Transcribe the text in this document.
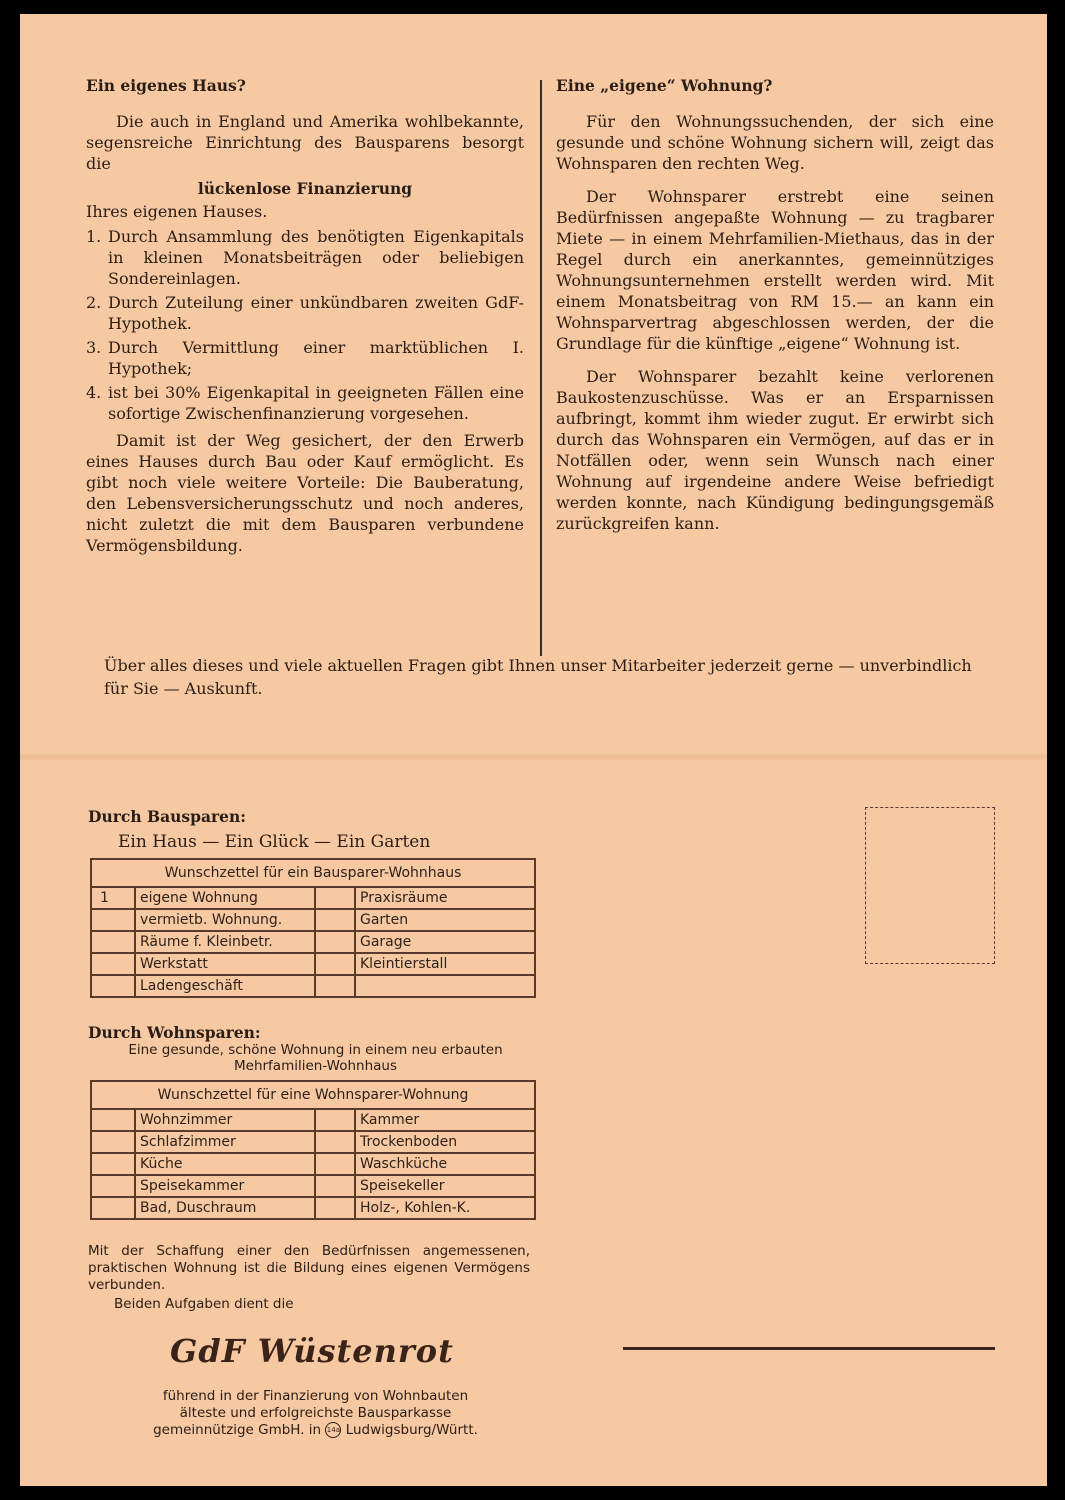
Ein eigenes Haus?

Die auch in England und Amerika wohlbekannte, segensreiche Einrichtung des Bausparens besorgt die

lückenlose Finanzierung

Ihres eigenen Hauses.

1. Durch Ansammlung des benötigten Eigenkapitals in kleinen Monatsbeiträgen oder beliebigen Sondereinlagen.
2. Durch Zuteilung einer unkündbaren zweiten GdF-Hypothek.
3. Durch Vermittlung einer marktüblichen I. Hypothek;
4. ist bei 30% Eigenkapital in geeigneten Fällen eine sofortige Zwischenfinanzierung vorgesehen.

Damit ist der Weg gesichert, der den Erwerb eines Hauses durch Bau oder Kauf ermöglicht. Es gibt noch viele weitere Vorteile: Die Bauberatung, den Lebensversicherungsschutz und noch anderes, nicht zuletzt die mit dem Bausparen verbundene Vermögensbildung.

Eine „eigene“ Wohnung?

Für den Wohnungssuchenden, der sich eine gesunde und schöne Wohnung sichern will, zeigt das Wohnsparen den rechten Weg.

Der Wohnsparer erstrebt eine seinen Bedürfnissen angepaßte Wohnung — zu tragbarer Miete — in einem Mehrfamilien-Miethaus, das in der Regel durch ein anerkanntes, gemeinnütziges Wohnungsunternehmen erstellt werden wird. Mit einem Monatsbeitrag von RM 15.— an kann ein Wohnsparvertrag abgeschlossen werden, der die Grundlage für die künftige „eigene“ Wohnung ist.

Der Wohnsparer bezahlt keine verlorenen Baukostenzuschüsse. Was er an Ersparnissen aufbringt, kommt ihm wieder zugut. Er erwirbt sich durch das Wohnsparen ein Vermögen, auf das er in Notfällen oder, wenn sein Wunsch nach einer Wohnung auf irgendeine andere Weise befriedigt werden konnte, nach Kündigung bedingungsgemäß zurückgreifen kann.

Über alles dieses und viele aktuellen Fragen gibt Ihnen unser Mitarbeiter jederzeit gerne — unverbindlich für Sie — Auskunft.

Durch Bausparen:
Ein Haus — Ein Glück — Ein Garten
Wunschzettel für ein Bausparer-Wohnhaus			
1	eigene Wohnung		Praxisräume
	vermietb. Wohnung.		Garten
	Räume f. Kleinbetr.		Garage
	Werkstatt		Kleintierstall
	Ladengeschäft		
Durch Wohnsparen:
Eine gesunde, schöne Wohnung in einem neu erbauten
Mehrfamilien-Wohnhaus
Wunschzettel für eine Wohnsparer-Wohnung			
	Wohnzimmer		Kammer
	Schlafzimmer		Trockenboden
	Küche		Waschküche
	Speisekammer		Speisekeller
	Bad, Duschraum		Holz-, Kohlen-K.

Mit der Schaffung einer den Bedürfnissen angemessenen, praktischen Wohnung ist die Bildung eines eigenen Vermögens verbunden.

Beiden Aufgaben dient die

GdF Wüstenrot
führend in der Finanzierung von Wohnbauten
älteste und erfolgreichste Bausparkasse
gemeinnützige GmbH. in 14a Ludwigsburg/Württ.
